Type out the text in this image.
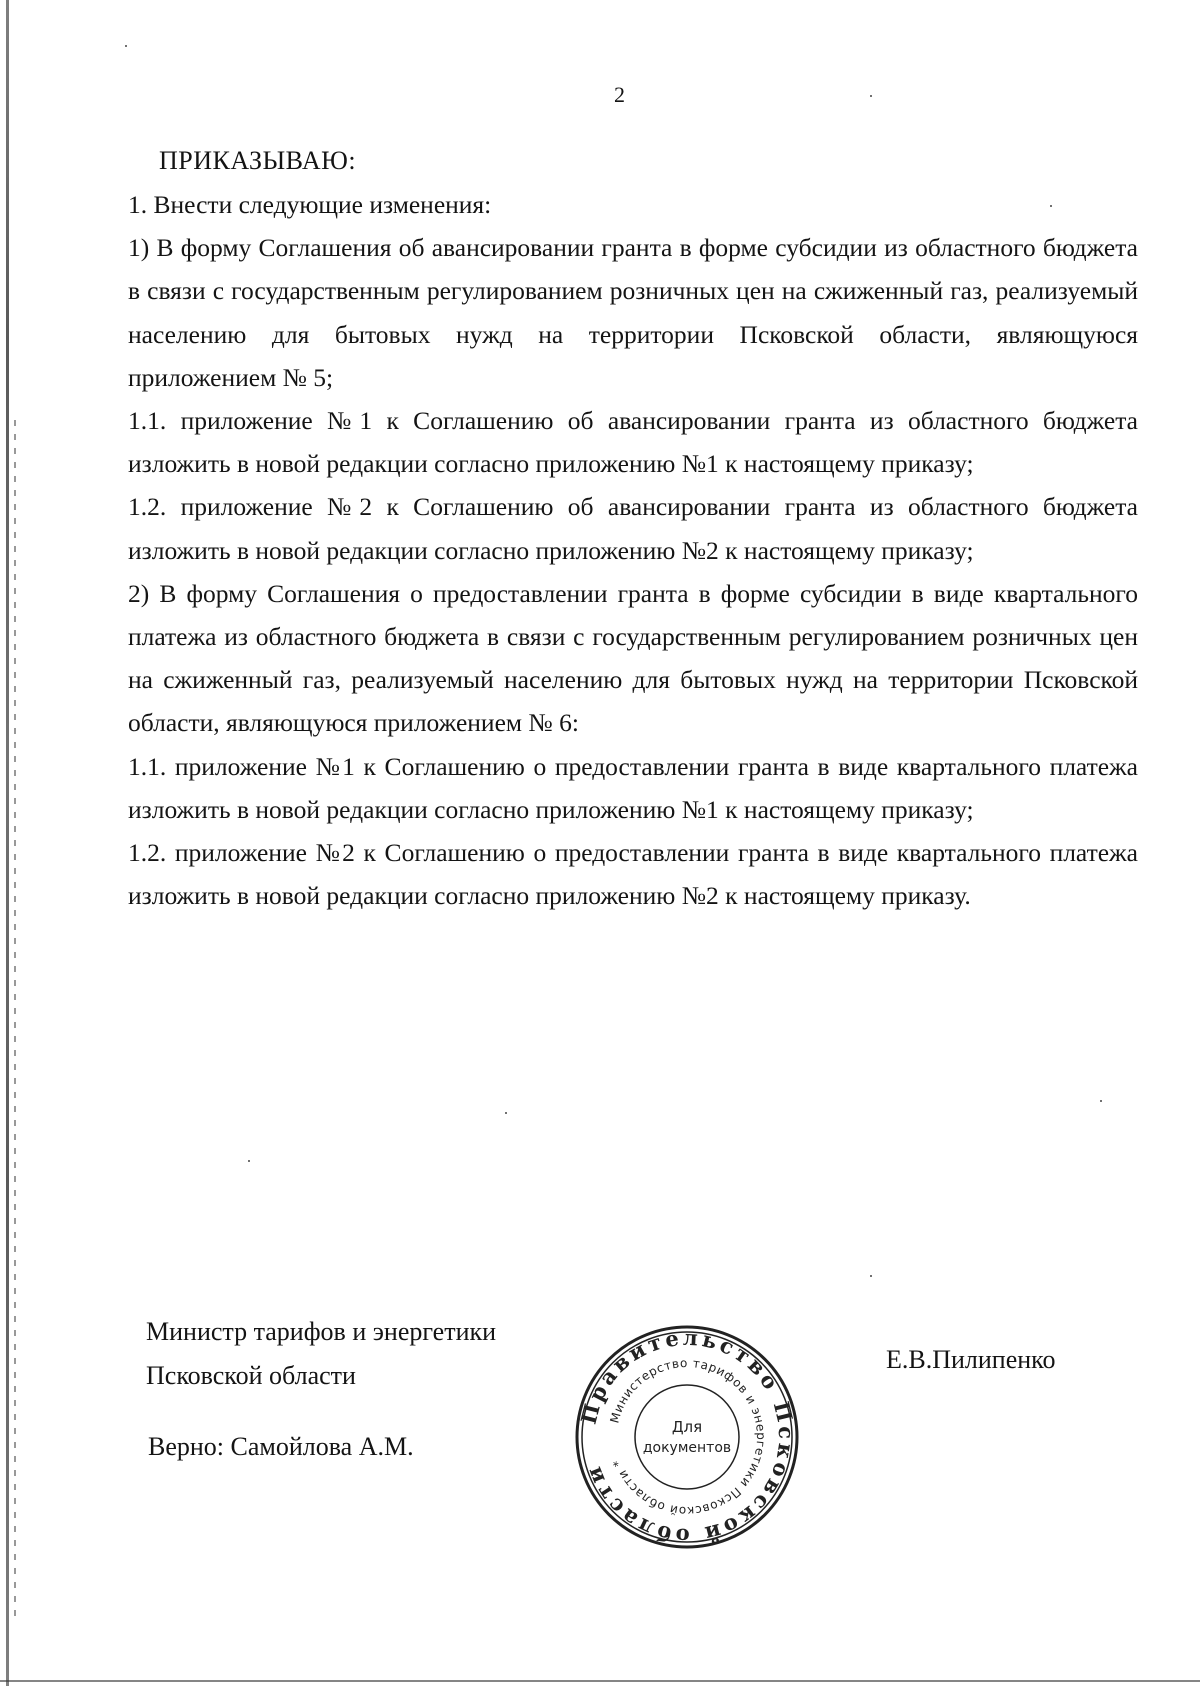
2
ПРИКАЗЫВАЮ:

1. Внести следующие изменения:

1) В форму Соглашения об авансировании гранта в форме субсидии из областного бюджета в связи с государственным регулированием розничных цен на сжиженный газ, реализуемый населению для бытовых нужд на территории Псковской области, являющуюся приложением № 5;

1.1. приложение №1 к Соглашению об авансировании гранта из областного бюджета изложить в новой редакции согласно приложению №1 к настоящему приказу;

1.2. приложение №2 к Соглашению об авансировании гранта из областного бюджета изложить в новой редакции согласно приложению №2 к настоящему приказу;

2) В форму Соглашения о предоставлении гранта в форме субсидии в виде квартального платежа из областного бюджета в связи с государственным регулированием розничных цен на сжиженный газ, реализуемый населению для бытовых нужд на территории Псковской области, являющуюся приложением № 6:

1.1. приложение №1 к Соглашению о предоставлении гранта в виде квартального платежа изложить в новой редакции согласно приложению №1 к настоящему приказу;

1.2. приложение №2 к Соглашению о предоставлении гранта в виде квартального платежа изложить в новой редакции согласно приложению №2 к настоящему приказу.

Министр тарифов и энергетики
Псковской области
Е.В.Пилипенко
Верно: Самойлова А.М.
Правительство Псковской области
Министерство тарифов и энергетики Псковской области *
Для
документов
